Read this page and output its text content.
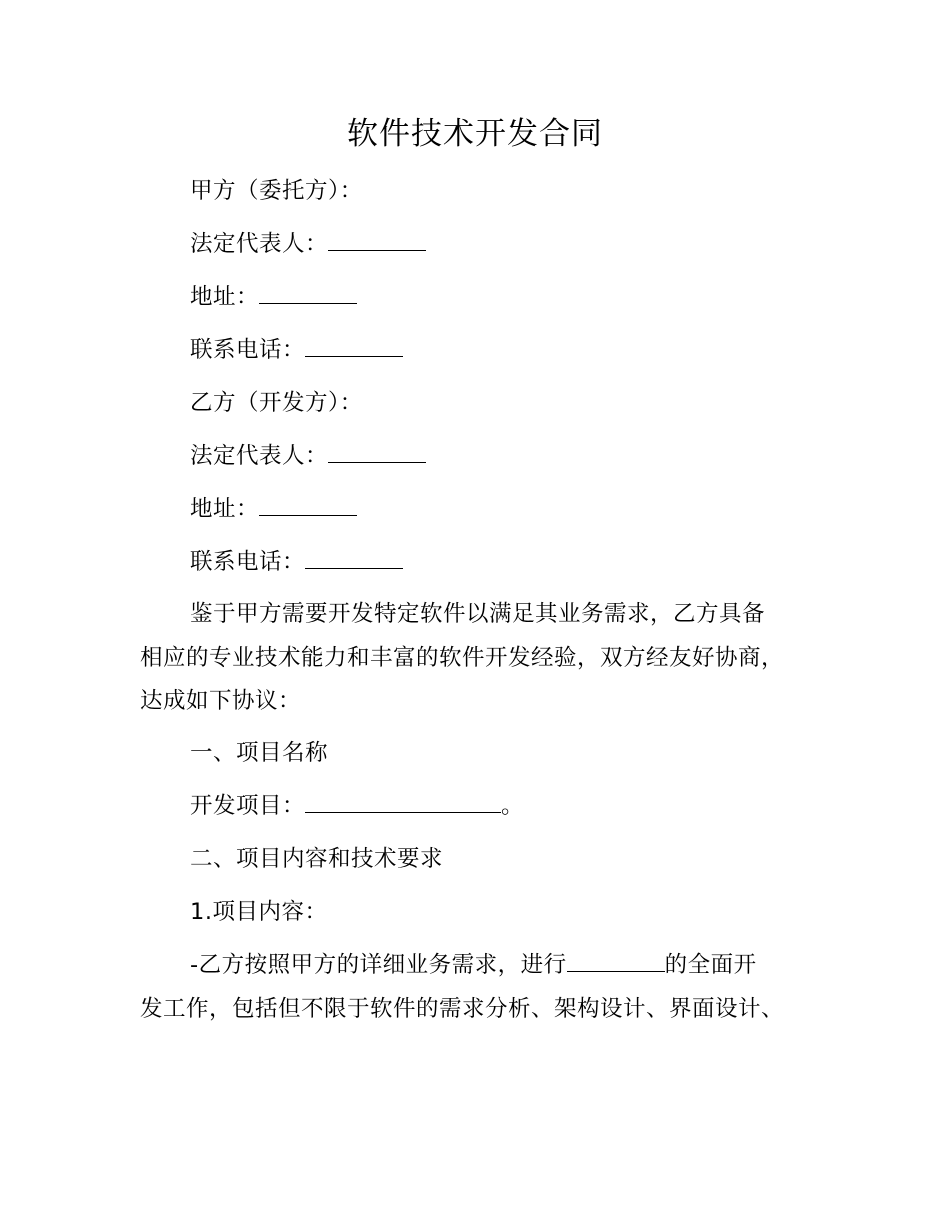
软件技术开发合同
甲方（委托方）：
法定代表人：
地址：
联系电话：
乙方（开发方）：
法定代表人：
地址：
联系电话：
鉴于甲方需要开发特定软件以满足其业务需求，乙方具备
相应的专业技术能力和丰富的软件开发经验，双方经友好协商，
达成如下协议：
一、项目名称
开发项目：	。
二、项目内容和技术要求
1.项目内容：
-乙方按照甲方的详细业务需求，进行	的全面开
发工作，包括但不限于软件的需求分析、架构设计、界面设计、
